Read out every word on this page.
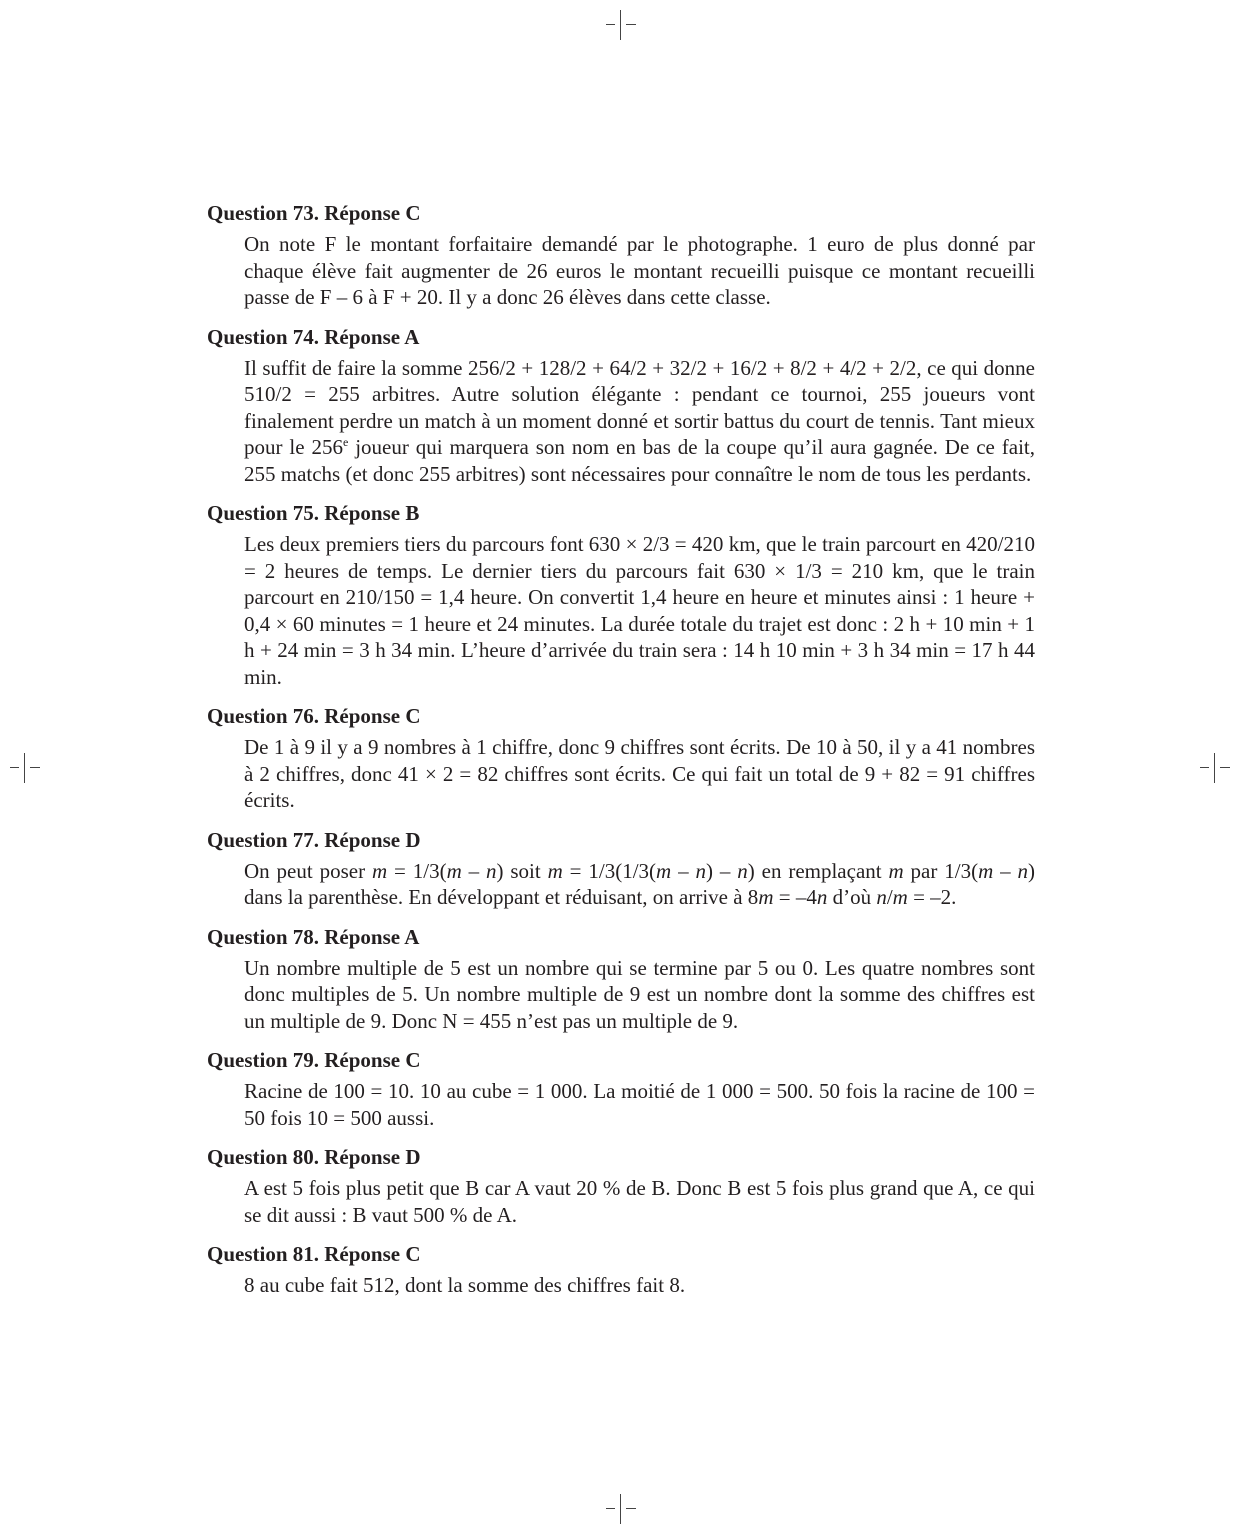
Question 73. Réponse C
On note F le montant forfaitaire demandé par le photographe. 1 euro de plus donné par chaque élève fait augmenter de 26 euros le montant recueilli puisque ce montant recueilli passe de F – 6 à F + 20. Il y a donc 26 élèves dans cette classe.
Question 74. Réponse A
Il suffit de faire la somme 256/2 + 128/2 + 64/2 + 32/2 + 16/2 + 8/2 + 4/2 + 2/2, ce qui donne 510/2 = 255 arbitres. Autre solution élégante : pendant ce tournoi, 255 joueurs vont finalement perdre un match à un moment donné et sortir battus du court de tennis. Tant mieux pour le 256e joueur qui marquera son nom en bas de la coupe qu’il aura gagnée. De ce fait, 255 matchs (et donc 255 arbitres) sont nécessaires pour connaître le nom de tous les perdants.
Question 75. Réponse B
Les deux premiers tiers du parcours font 630 × 2/3 = 420 km, que le train parcourt en 420/210 = 2 heures de temps. Le dernier tiers du parcours fait 630 × 1/3 = 210 km, que le train parcourt en 210/150 = 1,4 heure. On convertit 1,4 heure en heure et minutes ainsi : 1 heure + 0,4 × 60 minutes = 1 heure et 24 minutes. La durée totale du trajet est donc : 2 h + 10 min + 1 h + 24 min = 3 h 34 min. L’heure d’arrivée du train sera : 14 h 10 min + 3 h 34 min = 17 h 44 min.
Question 76. Réponse C
De 1 à 9 il y a 9 nombres à 1 chiffre, donc 9 chiffres sont écrits. De 10 à 50, il y a 41 nombres à 2 chiffres, donc 41 × 2 = 82 chiffres sont écrits. Ce qui fait un total de 9 + 82 = 91 chiffres écrits.
Question 77. Réponse D
On peut poser m = 1/3(m – n) soit m = 1/3(1/3(m – n) – n) en remplaçant m par 1/3(m – n) dans la parenthèse. En développant et réduisant, on arrive à 8m = –4n d’où n/m = –2.
Question 78. Réponse A
Un nombre multiple de 5 est un nombre qui se termine par 5 ou 0. Les quatre nombres sont donc multiples de 5. Un nombre multiple de 9 est un nombre dont la somme des chiffres est un multiple de 9. Donc N = 455 n’est pas un multiple de 9.
Question 79. Réponse C
Racine de 100 = 10. 10 au cube = 1 000. La moitié de 1 000 = 500. 50 fois la racine de 100 = 50 fois 10 = 500 aussi.
Question 80. Réponse D
A est 5 fois plus petit que B car A vaut 20 % de B. Donc B est 5 fois plus grand que A, ce qui se dit aussi : B vaut 500 % de A.
Question 81. Réponse C
8 au cube fait 512, dont la somme des chiffres fait 8.
